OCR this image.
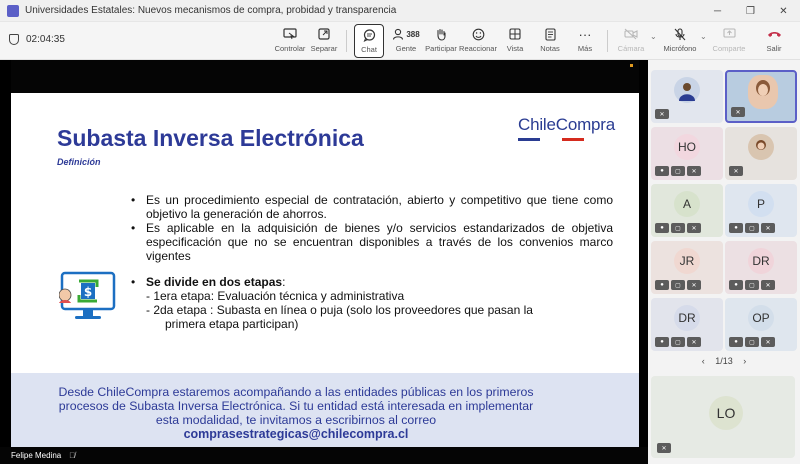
Universidades Estatales: Nuevos mecanismos de compra, probidad y transparencia	─	❐	✕
02:04:35
Controlar Separar	Chat
388
Gente Participar Reaccionar Vista Notas
···
Más	Cámara
⌄
Micrófono
⌄
Comparte	Salir
Subasta Inversa Electrónica
Definición
ChileCompra
$
• Es un procedimiento especial de contratación, abierto y competitivo que tiene como objetivo la generación de ahorros.
• Es aplicable en la adquisición de bienes y/o servicios estandarizados de objetiva especificación que no se encuentran disponibles a través de los convenios marco vigentes
• Se divide en dos etapas:
- 1era etapa: Evaluación técnica y administrativa
- 2da etapa : Subasta en línea o puja (solo los proveedores que pasan la
primera etapa participan)
Desde ChileCompra estaremos acompañando a las entidades públicas en los primeros
procesos de Subasta Inversa Electrónica. Si tu entidad está interesada en implementar
esta modalidad, te invitamos a escribirnos al correo
comprasestrategicas@chilecompra.cl
Felipe Medina 🎙̸
✕	✕
HO
●	▢	✕	✕
A
●	▢	✕
P
●	▢	✕
JR
●	▢	✕
DR
●	▢	✕
DR
●	▢	✕
OP
●	▢	✕
‹ 1/13 ›
LO
✕
